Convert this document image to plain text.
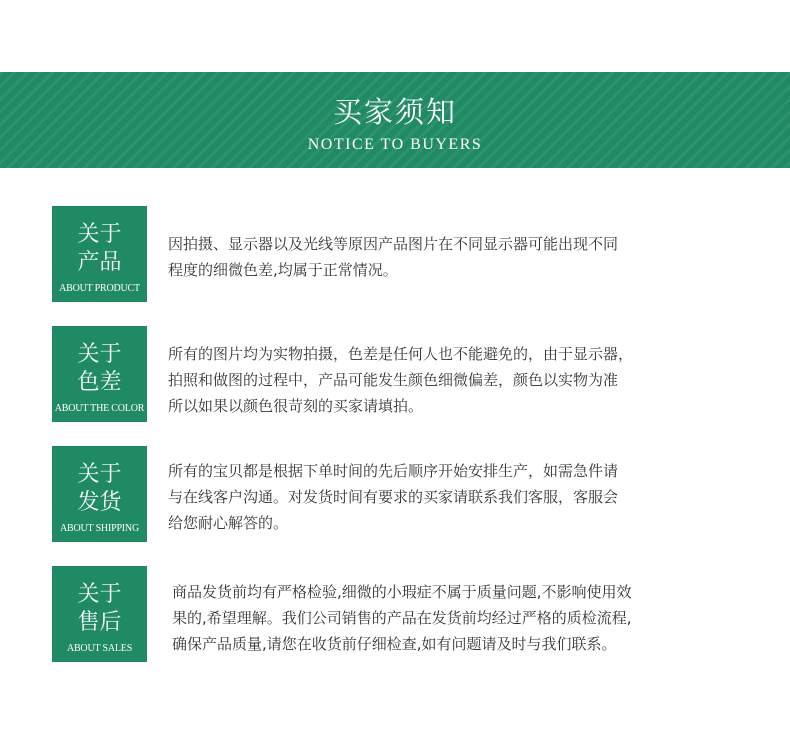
买家须知
NOTICE TO BUYERS
关于
产品
ABOUT PRODUCT
因拍摄、显示器以及光线等原因产品图片在不同显示器可能出现不同
程度的细微色差,均属于正常情况。
关于
色差
ABOUT THE COLOR
所有的图片均为实物拍摄，色差是任何人也不能避免的，由于显示器，
拍照和做图的过程中，产品可能发生颜色细微偏差，颜色以实物为准
所以如果以颜色很苛刻的买家请填拍。
关于
发货
ABOUT SHIPPING
所有的宝贝都是根据下单时间的先后顺序开始安排生产，如需急件请
与在线客户沟通。对发货时间有要求的买家请联系我们客服，客服会
给您耐心解答的。
关于
售后
ABOUT SALES
商品发货前均有严格检验,细微的小瑕症不属于质量问题,不影响使用效
果的,希望理解。我们公司销售的产品在发货前均经过严格的质检流程,
确保产品质量,请您在收货前仔细检查,如有问题请及时与我们联系。
